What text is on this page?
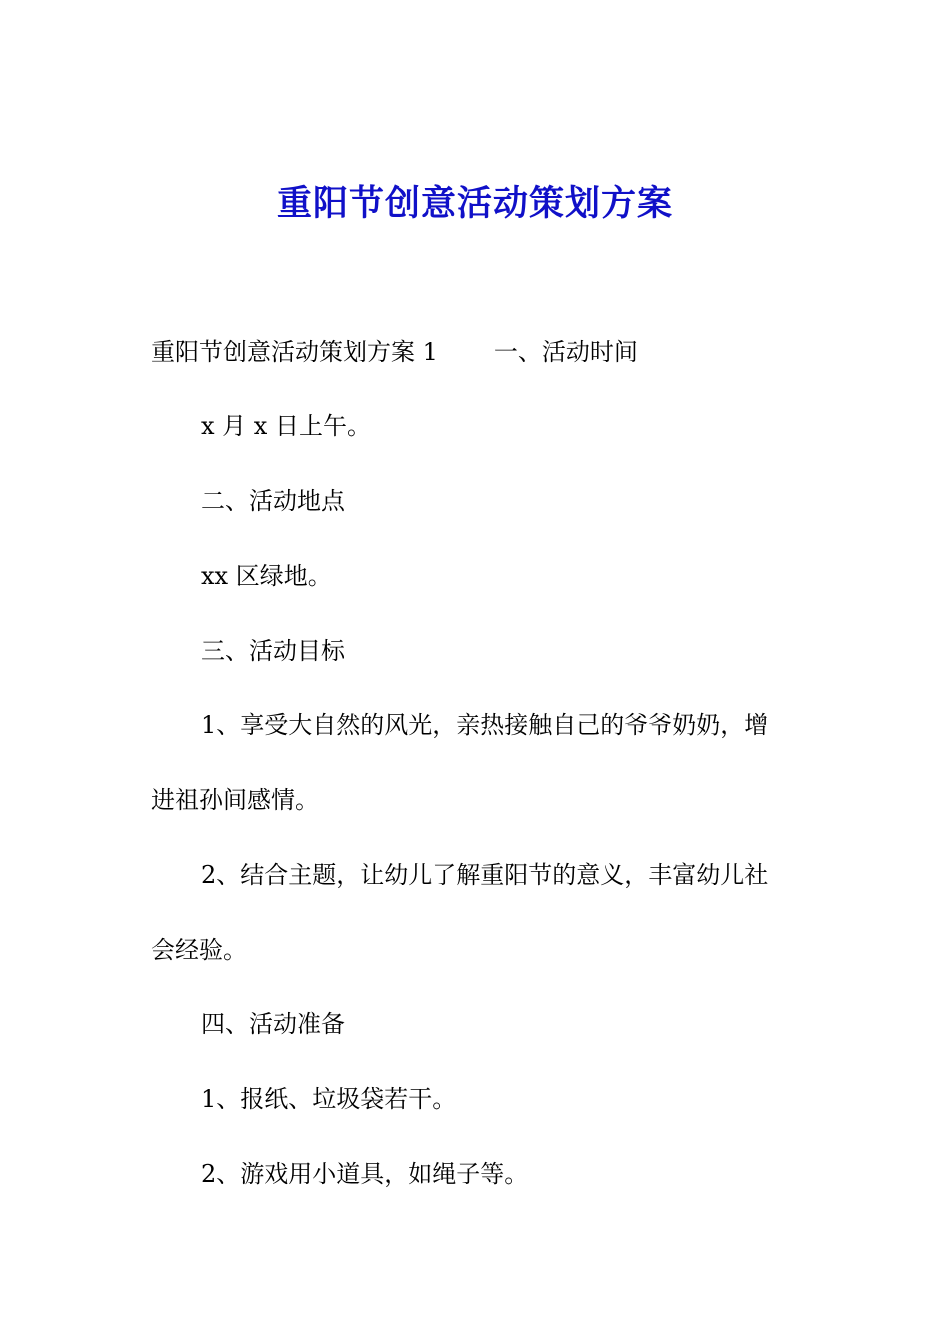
重阳节创意活动策划方案

重阳节创意活动策划方案 1 一、活动时间

x 月 x 日上午。

二、活动地点

xx 区绿地。

三、活动目标

1、享受大自然的风光，亲热接触自己的爷爷奶奶，增

进祖孙间感情。

2、结合主题，让幼儿了解重阳节的意义，丰富幼儿社

会经验。

四、活动准备

1、报纸、垃圾袋若干。

2、游戏用小道具，如绳子等。
